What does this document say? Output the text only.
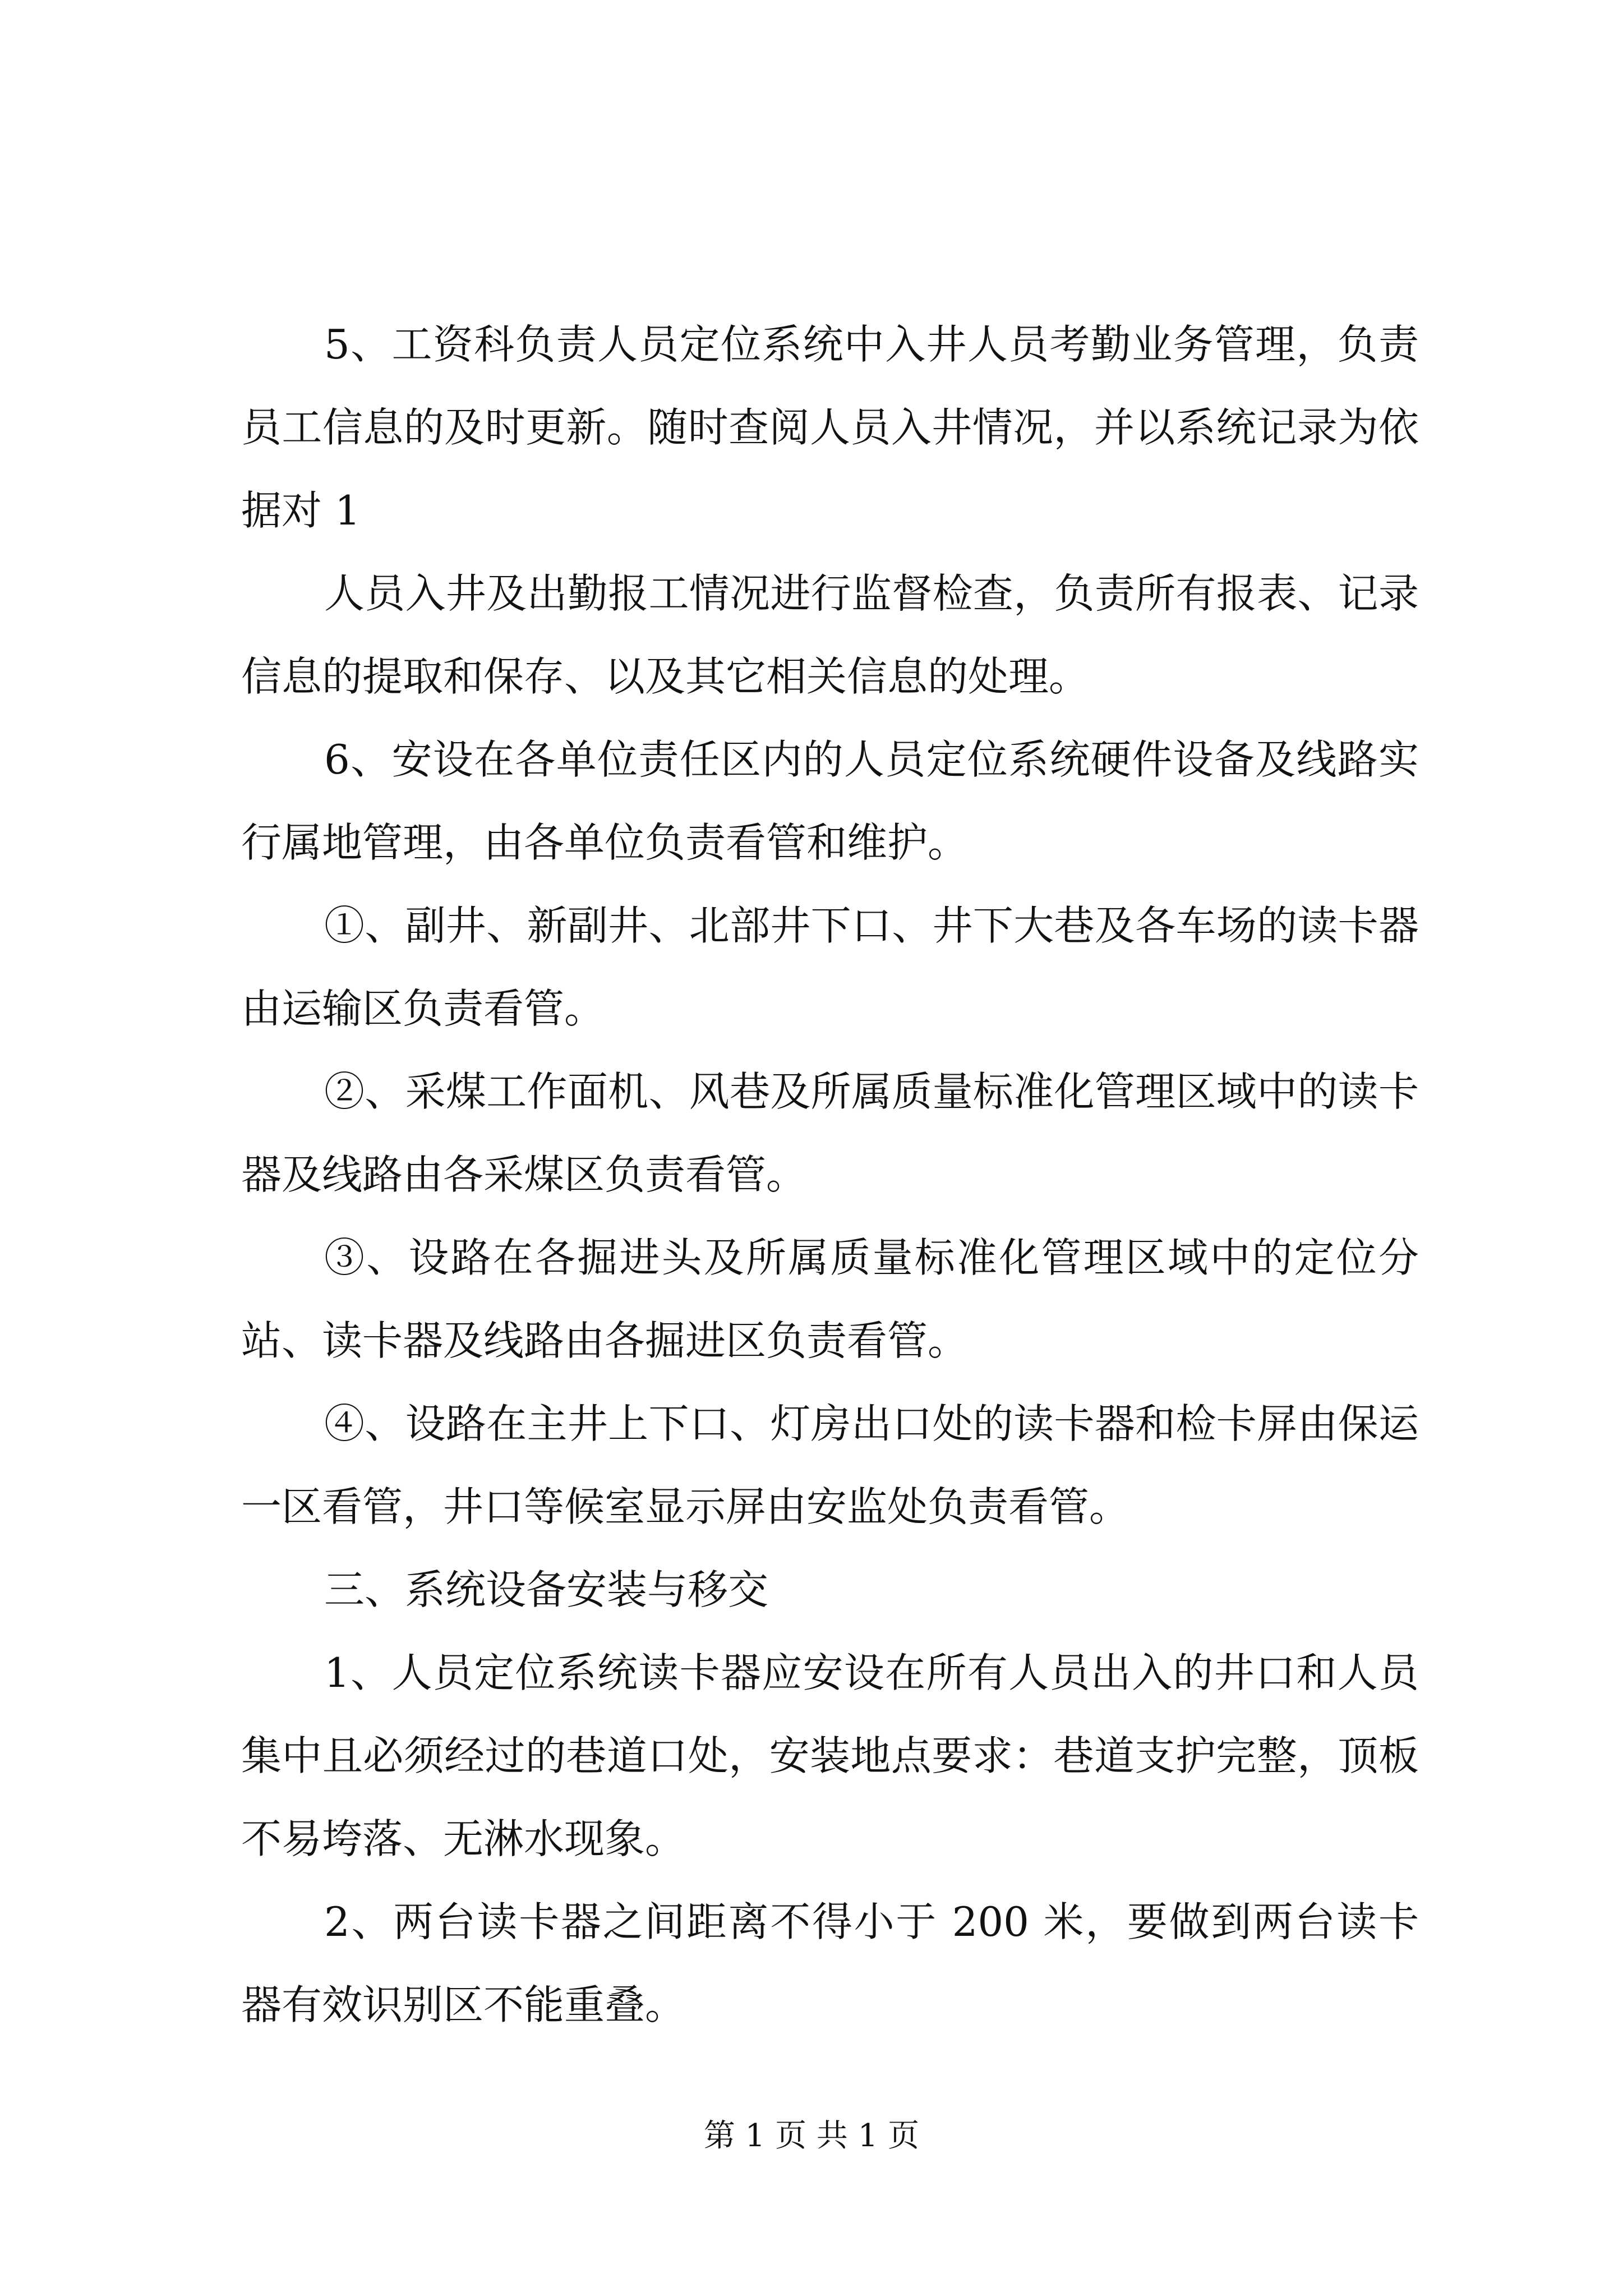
5、工资科负责人员定位系统中入井人员考勤业务管理，负责员工信息的及时更新。随时查阅人员入井情况，并以系统记录为依据对 1

人员入井及出勤报工情况进行监督检查，负责所有报表、记录信息的提取和保存、以及其它相关信息的处理。

6、安设在各单位责任区内的人员定位系统硬件设备及线路实行属地管理，由各单位负责看管和维护。

①、副井、新副井、北部井下口、井下大巷及各车场的读卡器由运输区负责看管。

②、采煤工作面机、风巷及所属质量标准化管理区域中的读卡器及线路由各采煤区负责看管。

③、设路在各掘进头及所属质量标准化管理区域中的定位分站、读卡器及线路由各掘进区负责看管。

④、设路在主井上下口、灯房出口处的读卡器和检卡屏由保运一区看管，井口等候室显示屏由安监处负责看管。

三、系统设备安装与移交

1、人员定位系统读卡器应安设在所有人员出入的井口和人员集中且必须经过的巷道口处，安装地点要求：巷道支护完整，顶板不易垮落、无淋水现象。

2、两台读卡器之间距离不得小于 200 米，要做到两台读卡器有效识别区不能重叠。

第 1 页 共 1 页
